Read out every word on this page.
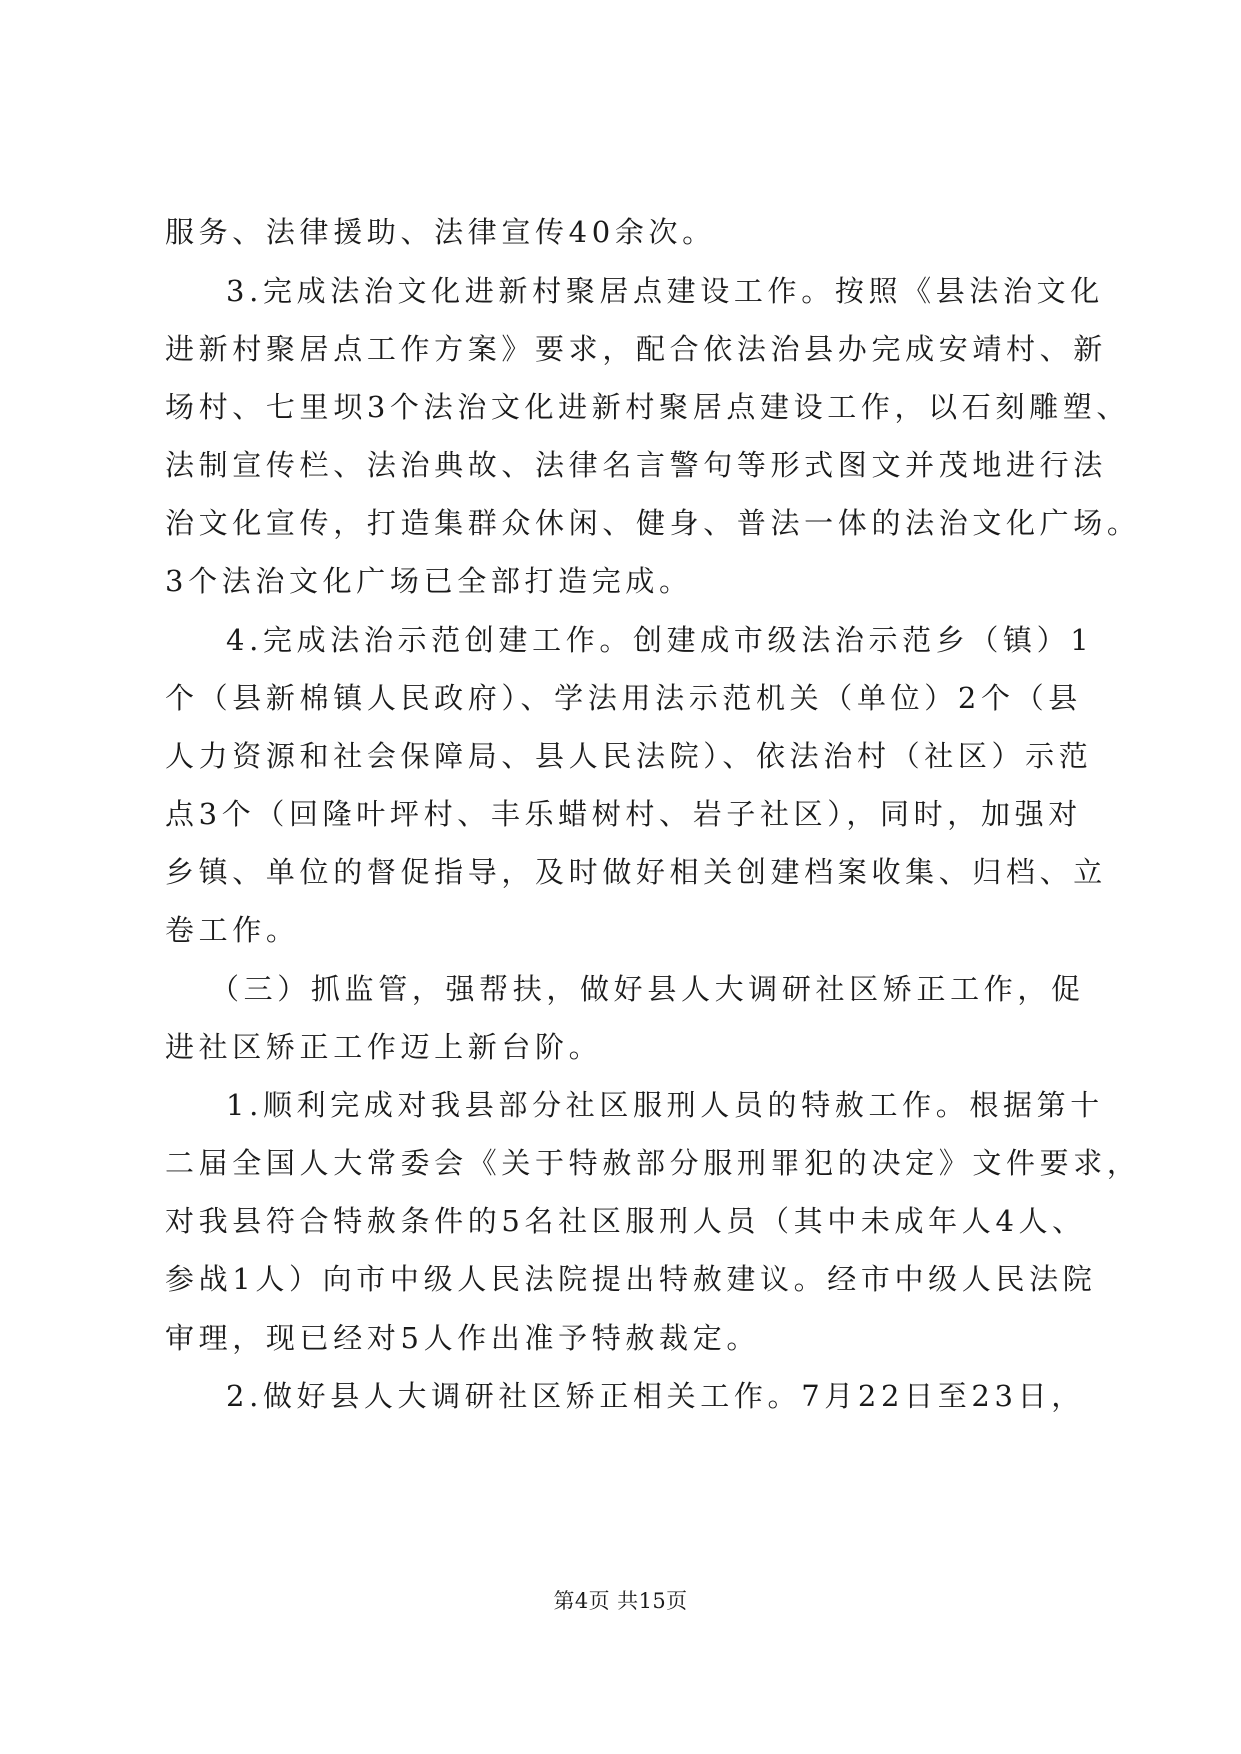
服务、法律援助、法律宣传40余次。
3.完成法治文化进新村聚居点建设工作。按照《县法治文化
进新村聚居点工作方案》要求，配合依法治县办完成安靖村、新
场村、七里坝3个法治文化进新村聚居点建设工作，以石刻雕塑、
法制宣传栏、法治典故、法律名言警句等形式图文并茂地进行法
治文化宣传，打造集群众休闲、健身、普法一体的法治文化广场。
3个法治文化广场已全部打造完成。
4.完成法治示范创建工作。创建成市级法治示范乡（镇）1
个（县新棉镇人民政府）、学法用法示范机关（单位）2个（县
人力资源和社会保障局、县人民法院）、依法治村（社区）示范
点3个（回隆叶坪村、丰乐蜡树村、岩子社区），同时，加强对
乡镇、单位的督促指导，及时做好相关创建档案收集、归档、立
卷工作。
（三）抓监管，强帮扶，做好县人大调研社区矫正工作，促
进社区矫正工作迈上新台阶。
1.顺利完成对我县部分社区服刑人员的特赦工作。根据第十
二届全国人大常委会《关于特赦部分服刑罪犯的决定》文件要求，
对我县符合特赦条件的5名社区服刑人员（其中未成年人4人、
参战1人）向市中级人民法院提出特赦建议。经市中级人民法院
审理，现已经对5人作出准予特赦裁定。
2.做好县人大调研社区矫正相关工作。7月22日至23日，
第4页 共15页
